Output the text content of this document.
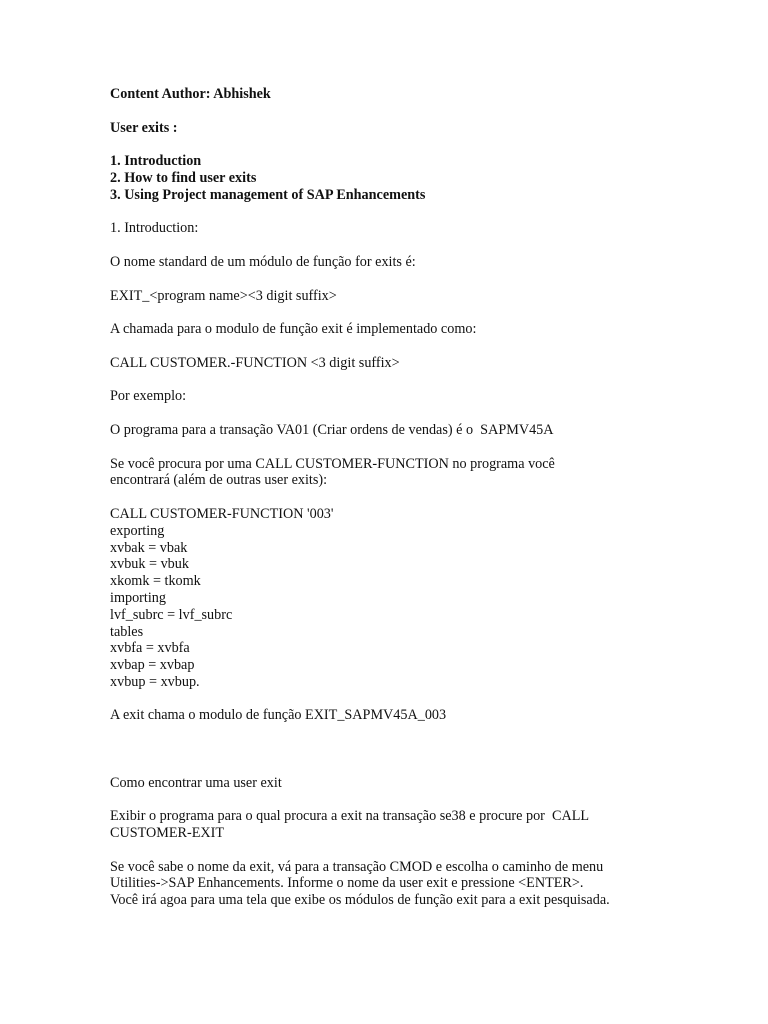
Content Author: Abhishek

User exits :

1. Introduction

2. How to find user exits

3. Using Project management of SAP Enhancements

1. Introduction:

O nome standard de um módulo de função for exits é:

EXIT_<program name><3 digit suffix>

A chamada para o modulo de função exit é implementado como:

CALL CUSTOMER.-FUNCTION <3 digit suffix>

Por exemplo:

O programa para a transação VA01 (Criar ordens de vendas) é o  SAPMV45A

Se você procura por uma CALL CUSTOMER-FUNCTION no programa você

encontrará (além de outras user exits):

CALL CUSTOMER-FUNCTION '003'

exporting

xvbak = vbak

xvbuk = vbuk

xkomk = tkomk

importing

lvf_subrc = lvf_subrc

tables

xvbfa = xvbfa

xvbap = xvbap

xvbup = xvbup.

A exit chama o modulo de função EXIT_SAPMV45A_003

Como encontrar uma user exit

Exibir o programa para o qual procura a exit na transação se38 e procure por  CALL

CUSTOMER-EXIT

Se você sabe o nome da exit, vá para a transação CMOD e escolha o caminho de menu

Utilities->SAP Enhancements. Informe o nome da user exit e pressione <ENTER>.

Você irá agoa para uma tela que exibe os módulos de função exit para a exit pesquisada.
